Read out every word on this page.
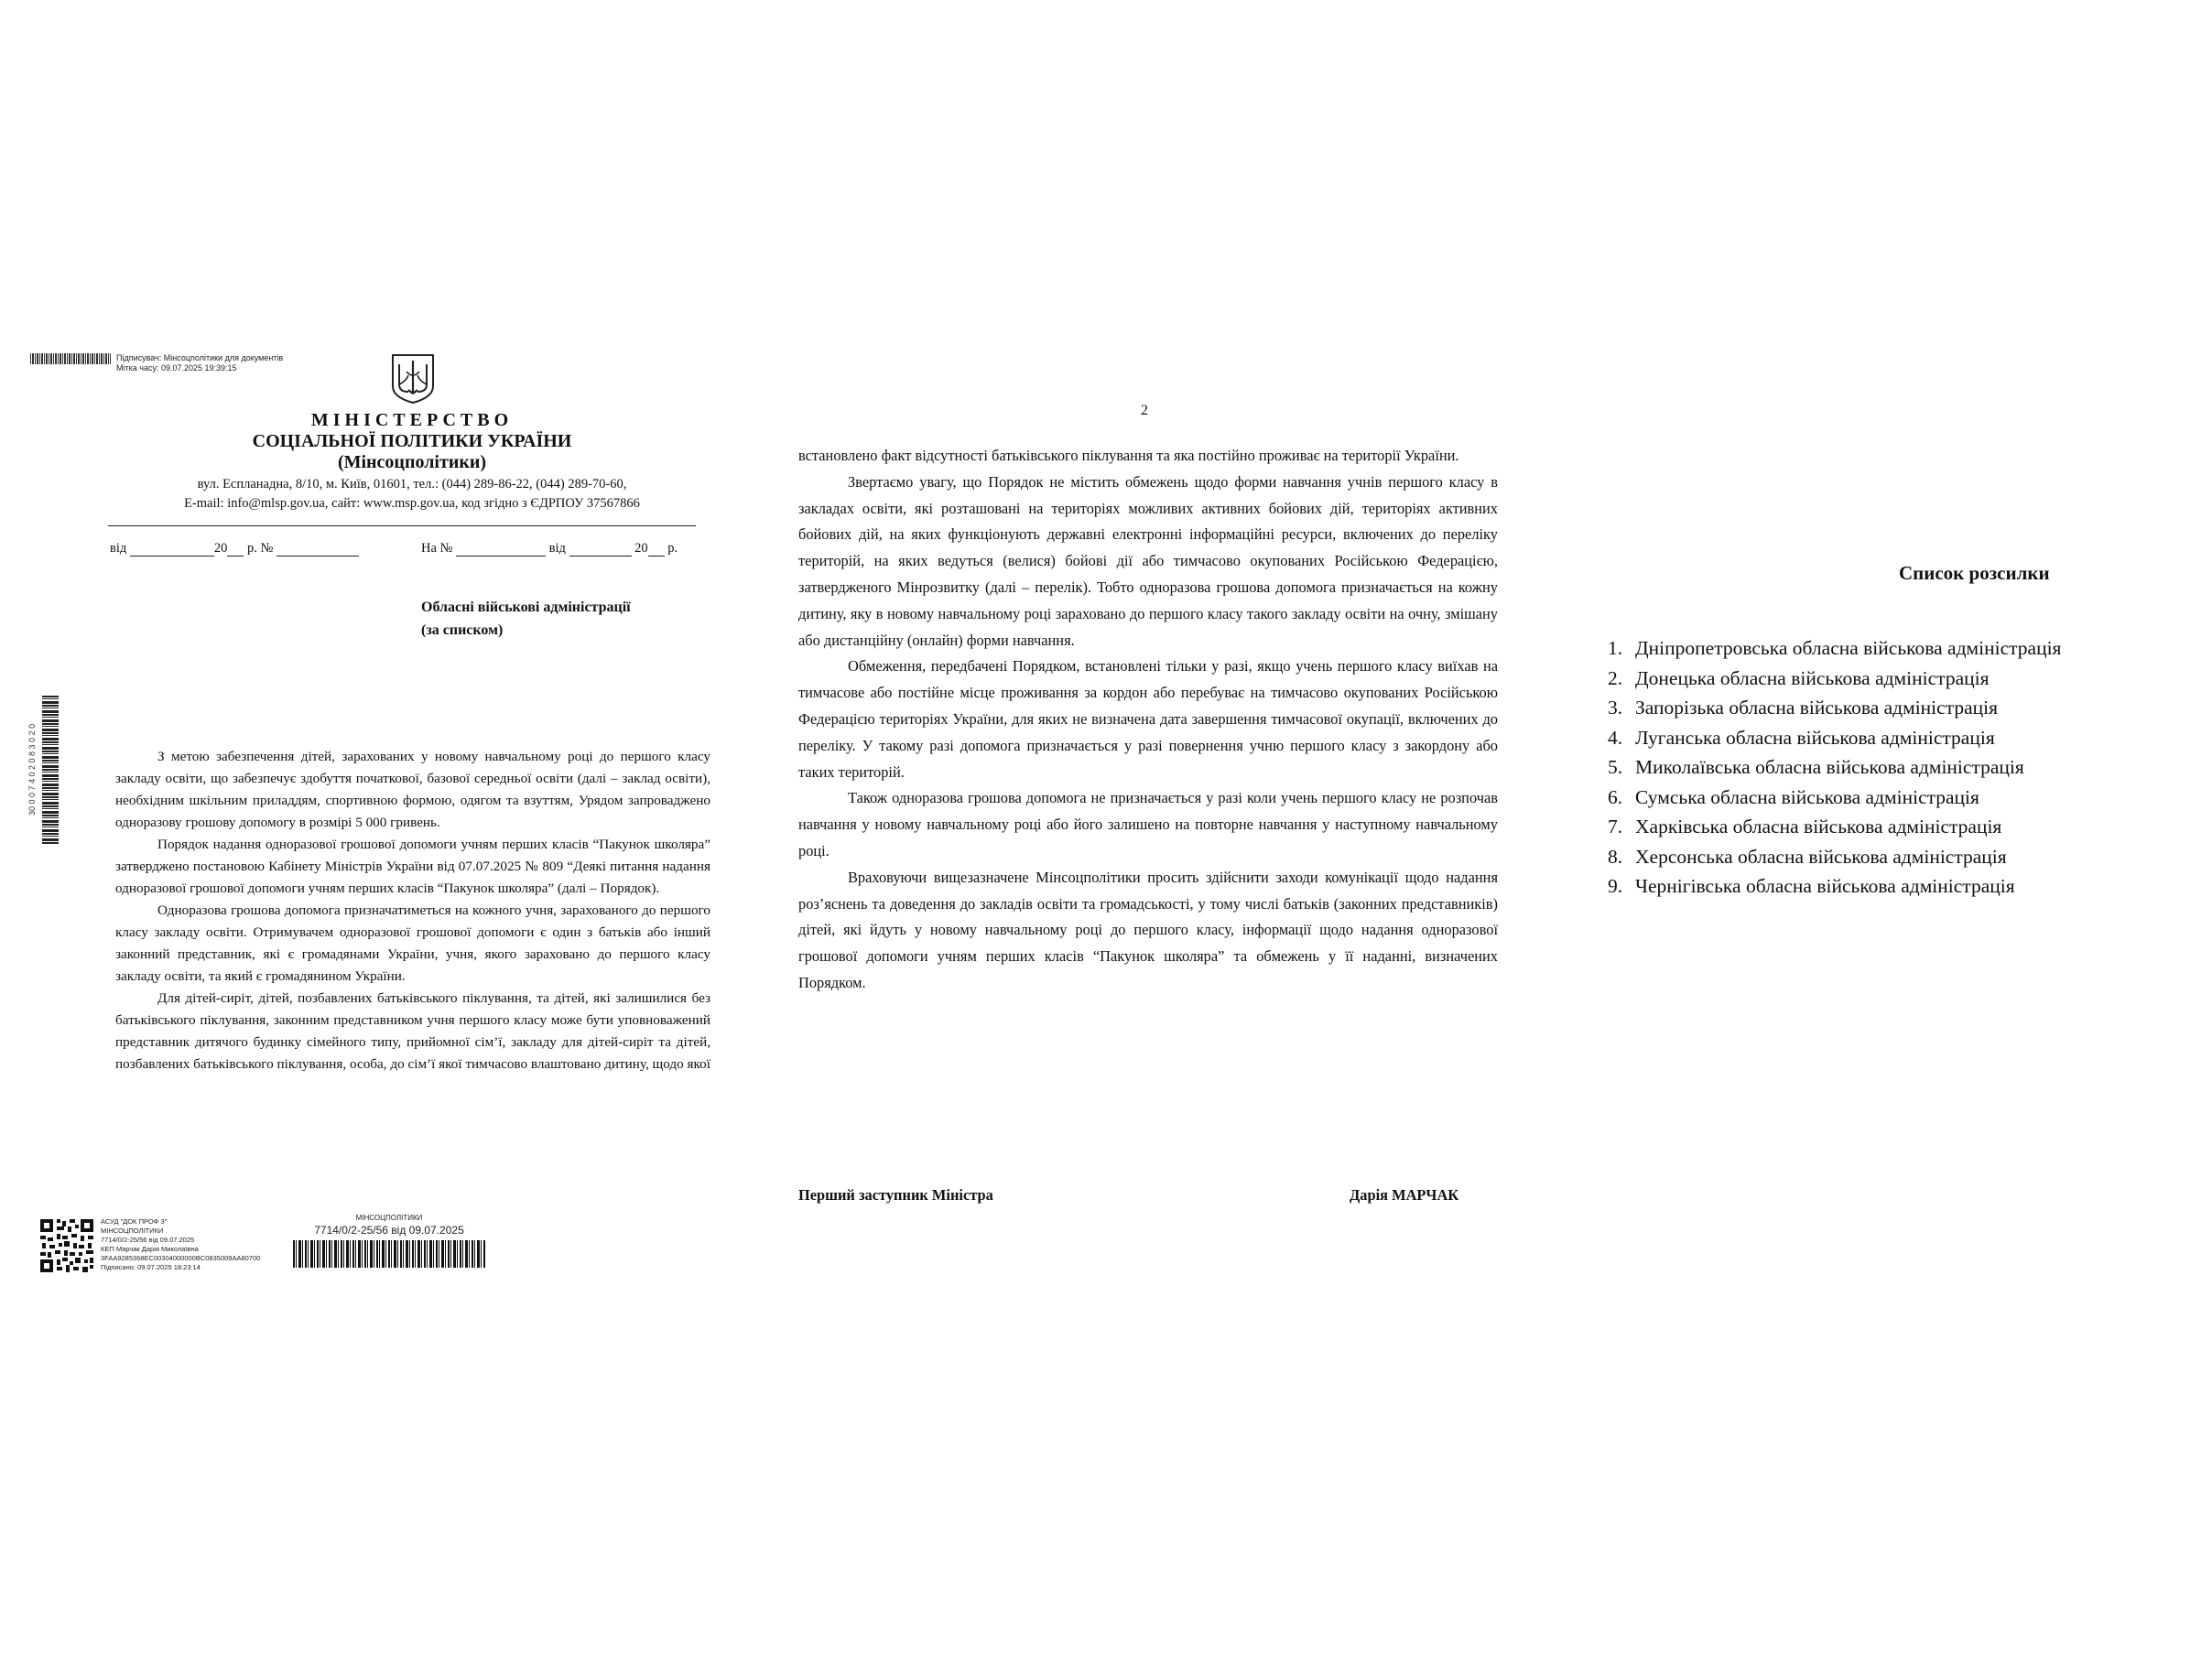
Підписувач: Мінсоцполітики для документів
Мітка часу: 09.07.2025 19:39:15
МІНІСТЕРСТВО
СОЦІАЛЬНОЇ ПОЛІТИКИ УКРАЇНИ
(Мінсоцполітики)
вул. Еспланадна, 8/10, м. Київ, 01601, тел.: (044) 289-86-22, (044) 289-70-60,
E-mail: info@mlsp.gov.ua, сайт: www.msp.gov.ua, код згідно з ЄДРПОУ 37567866
від	20 р. №	На №	від	20 р.
Обласні військові адміністрації
(за списком)
30 0 0 7 4 0 2 0 8 3 0 2 0	З метою забезпечення дітей, зарахованих у новому навчальному році до першого класу закладу освіти, що забезпечує здобуття початкової, базової середньої освіти (далі – заклад освіти), необхідним шкільним приладдям, спортивною формою, одягом та взуттям, Урядом запроваджено одноразову грошову допомогу в розмірі 5 000 гривень.

Порядок надання одноразової грошової допомоги учням перших класів “Пакунок школяра” затверджено постановою Кабінету Міністрів України від 07.07.2025 № 809 “Деякі питання надання одноразової грошової допомоги учням перших класів “Пакунок школяра” (далі – Порядок).

Одноразова грошова допомога призначатиметься на кожного учня, зарахованого до першого класу закладу освіти. Отримувачем одноразової грошової допомоги є один з батьків або інший законний представник, які є громадянами України, учня, якого зараховано до першого класу закладу освіти, та який є громадянином України.

Для дітей-сиріт, дітей, позбавлених батьківського піклування, та дітей, які залишилися без батьківського піклування, законним представником учня першого класу може бути уповноважений представник дитячого будинку сімейного типу, прийомної сім’ї, закладу для дітей-сиріт та дітей, позбавлених батьківського піклування, особа, до сім’ї якої тимчасово влаштовано дитину, щодо якої

АСУД "ДОК ПРОФ 3"
МІНСОЦПОЛІТИКИ
7714/0/2-25/56 від 09.07.2025
КЕП Марчак Дарія Миколаївна
3FAA9285368EC00304000000BC0835009AA80700
Підписано: 09.07.2025 18:23:14
МІНСОЦПОЛІТИКИ
7714/0/2-25/56 від 09.07.2025
2

встановлено факт відсутності батьківського піклування та яка постійно проживає на території України.

Звертаємо увагу, що Порядок не містить обмежень щодо форми навчання учнів першого класу в закладах освіти, які розташовані на територіях можливих активних бойових дій, територіях активних бойових дій, на яких функціонують державні електронні інформаційні ресурси, включених до переліку територій, на яких ведуться (велися) бойові дії або тимчасово окупованих Російською Федерацією, затвердженого Мінрозвитку (далі – перелік). Тобто одноразова грошова допомога призначається на кожну дитину, яку в новому навчальному році зараховано до першого класу такого закладу освіти на очну, змішану або дистанційну (онлайн) форми навчання.

Обмеження, передбачені Порядком, встановлені тільки у разі, якщо учень першого класу виїхав на тимчасове або постійне місце проживання за кордон або перебуває на тимчасово окупованих Російською Федерацією територіях України, для яких не визначена дата завершення тимчасової окупації, включених до переліку. У такому разі допомога призначається у разі повернення учню першого класу з закордону або таких територій.

Також одноразова грошова допомога не призначається у разі коли учень першого класу не розпочав навчання у новому навчальному році або його залишено на повторне навчання у наступному навчальному році.

Враховуючи вищезазначене Мінсоцполітики просить здійснити заходи комунікації щодо надання роз’яснень та доведення до закладів освіти та громадськості, у тому числі батьків (законних представників) дітей, які йдуть у новому навчальному році до першого класу, інформації щодо надання одноразової грошової допомоги учням перших класів “Пакунок школяра” та обмежень у її наданні, визначених Порядком.

Перший заступник Міністра	Дарія МАРЧАК
Список розсилки
1. Дніпропетровська обласна військова адміністрація
2. Донецька обласна військова адміністрація
3. Запорізька обласна військова адміністрація
4. Луганська обласна військова адміністрація
5. Миколаївська обласна військова адміністрація
6. Сумська обласна військова адміністрація
7. Харківська обласна військова адміністрація
8. Херсонська обласна військова адміністрація
9. Чернігівська обласна військова адміністрація
